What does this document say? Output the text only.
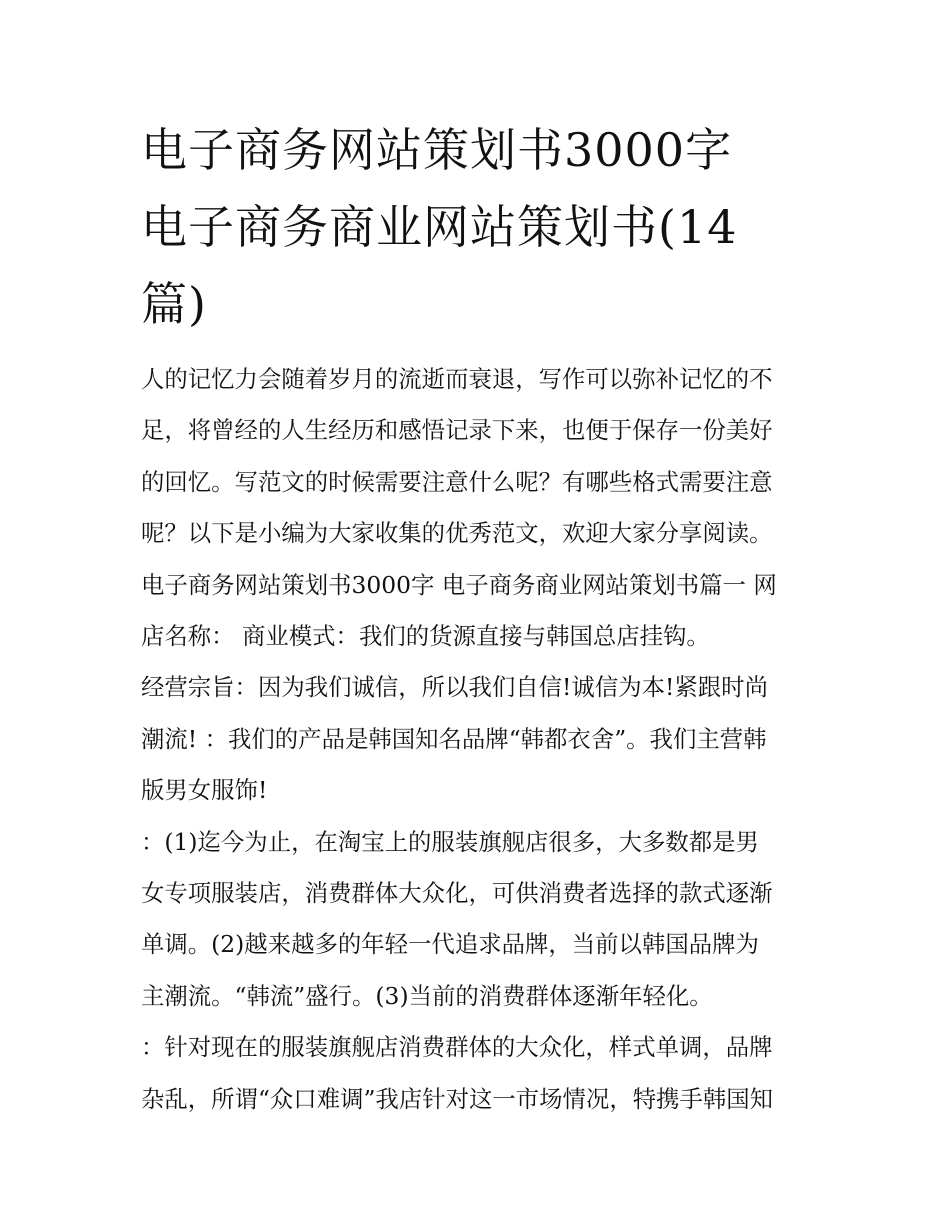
电子商务网站策划书3000字
电子商务商业网站策划书(14
篇)

人的记忆力会随着岁月的流逝而衰退，写作可以弥补记忆的不

足，将曾经的人生经历和感悟记录下来，也便于保存一份美好

的回忆。写范文的时候需要注意什么呢？有哪些格式需要注意

呢？以下是小编为大家收集的优秀范文，欢迎大家分享阅读。

电子商务网站策划书3000字 电子商务商业网站策划书篇一 网

店名称： 商业模式：我们的货源直接与韩国总店挂钩。

经营宗旨：因为我们诚信，所以我们自信!诚信为本!紧跟时尚

潮流! ：我们的产品是韩国知名品牌“韩都衣舍”。我们主营韩

版男女服饰!

：(1)迄今为止，在淘宝上的服装旗舰店很多，大多数都是男

女专项服装店，消费群体大众化，可供消费者选择的款式逐渐

单调。(2)越来越多的年轻一代追求品牌，当前以韩国品牌为

主潮流。“韩流”盛行。(3)当前的消费群体逐渐年轻化。

：针对现在的服装旗舰店消费群体的大众化，样式单调，品牌

杂乱，所谓“众口难调”我店针对这一市场情况，特携手韩国知
